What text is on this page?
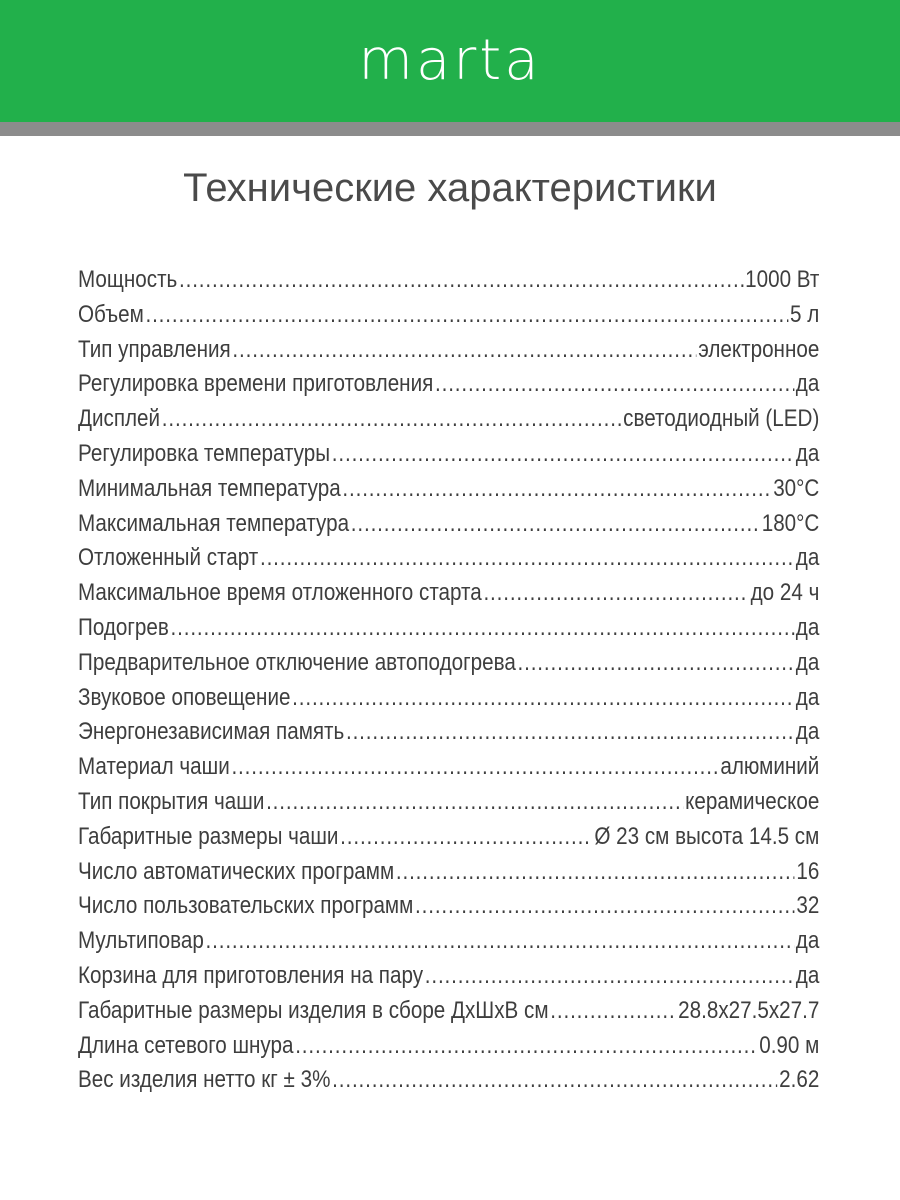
marta
Технические характеристики
Мощность .....	1000 Вт
Объем .....	5 л
Тип управления .....	электронное
Регулировка времени приготовления .....	да
Дисплей .....	светодиодный (LED)
Регулировка температуры .....	да
Минимальная температура .....	30°С
Максимальная температура .....	180°С
Отложенный старт .....	да
Максимальное время отложенного старта .....	до 24 ч
Подогрев .....	да
Предварительное отключение автоподогрева .....	да
Звуковое оповещение .....	да
Энергонезависимая память .....	да
Материал чаши .....	алюминий
Тип покрытия чаши .....	керамическое
Габаритные размеры чаши .....	Ø 23 см высота 14.5 см
Число автоматических программ .....	16
Число пользовательских программ .....	32
Мультиповар .....	да
Корзина для приготовления на пару .....	да
Габаритные размеры изделия в сборе ДхШхВ см .....	28.8x27.5x27.7
Длина сетевого шнура .....	0.90 м
Вес изделия нетто кг ± 3% .....	2.62
